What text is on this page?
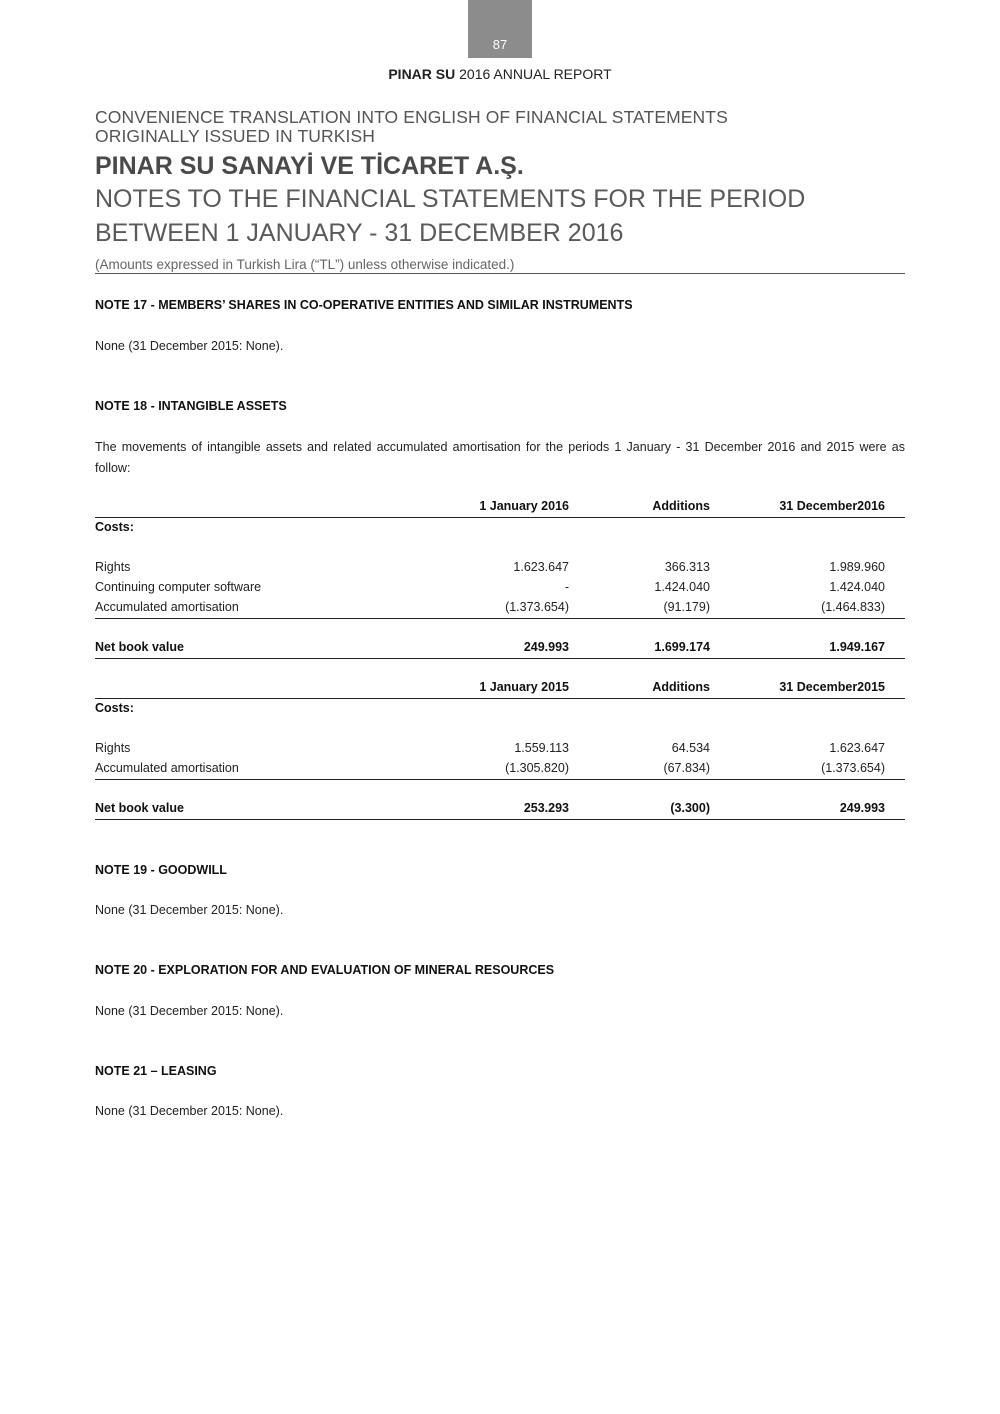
87
PINAR SU 2016 ANNUAL REPORT
CONVENIENCE TRANSLATION INTO ENGLISH OF FINANCIAL STATEMENTS
ORIGINALLY ISSUED IN TURKISH
PINAR SU SANAYİ VE TİCARET A.Ş.
NOTES TO THE FINANCIAL STATEMENTS FOR THE PERIOD
BETWEEN 1 JANUARY - 31 DECEMBER 2016
(Amounts expressed in Turkish Lira (“TL”) unless otherwise indicated.)
NOTE 17 - MEMBERS’ SHARES IN CO-OPERATIVE ENTITIES AND SIMILAR INSTRUMENTS
None (31 December 2015: None).
NOTE 18 - INTANGIBLE ASSETS
The movements of intangible assets and related accumulated amortisation for the periods 1 January - 31 December 2016 and 2015 were as follow:
1 January 2016	Additions	31 December2016
Costs:
Rights	1.623.647	366.313	1.989.960
Continuing computer software	-	1.424.040	1.424.040
Accumulated amortisation	(1.373.654)	(91.179)	(1.464.833)
Net book value	249.993	1.699.174	1.949.167
1 January 2015	Additions	31 December2015
Costs:
Rights	1.559.113	64.534	1.623.647
Accumulated amortisation	(1.305.820)	(67.834)	(1.373.654)
Net book value	253.293	(3.300)	249.993
NOTE 19 - GOODWILL
None (31 December 2015: None).
NOTE 20 - EXPLORATION FOR AND EVALUATION OF MINERAL RESOURCES
None (31 December 2015: None).
NOTE 21 – LEASING
None (31 December 2015: None).
